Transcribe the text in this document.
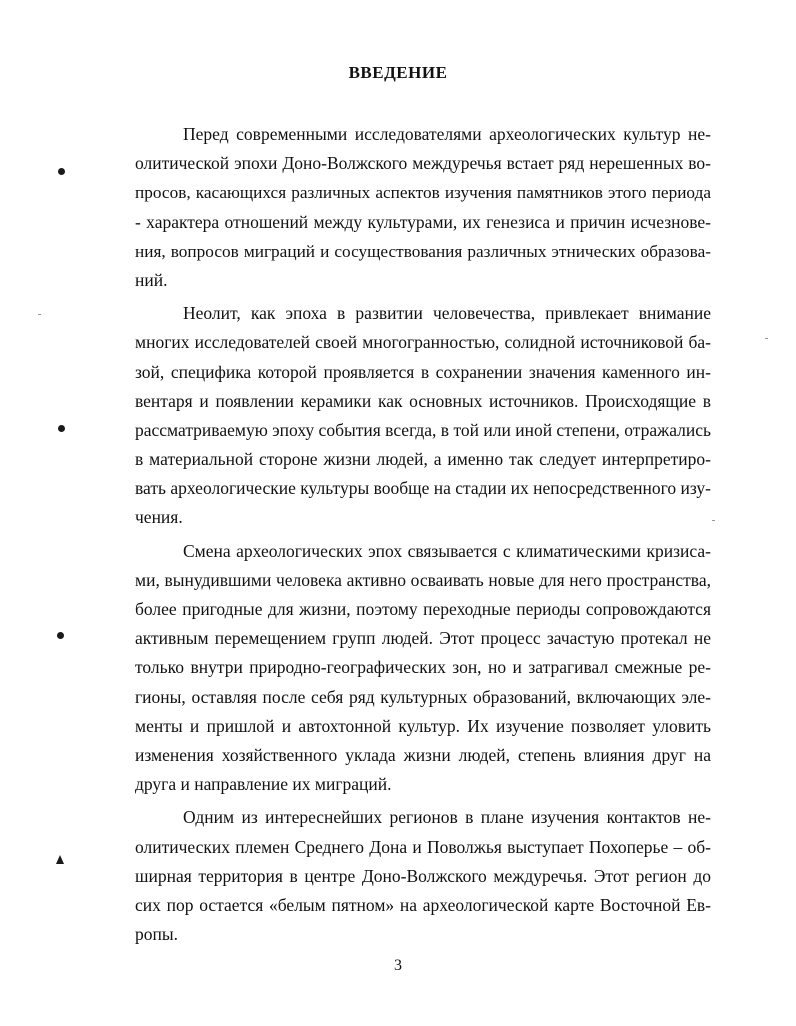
ВВЕДЕНИЕ
Перед современными исследователями археологических культур не-
олитической эпохи Доно-Волжского междуречья встает ряд нерешенных во-
просов, касающихся различных аспектов изучения памятников этого периода
- характера отношений между культурами, их генезиса и причин исчезнове-
ния, вопросов миграций и сосуществования различных этнических образова-
ний.
Неолит, как эпоха в развитии человечества, привлекает внимание
многих исследователей своей многогранностью, солидной источниковой ба-
зой, специфика которой проявляется в сохранении значения каменного ин-
вентаря и появлении керамики как основных источников. Происходящие в
рассматриваемую эпоху события всегда, в той или иной степени, отражались
в материальной стороне жизни людей, а именно так следует интерпретиро-
вать археологические культуры вообще на стадии их непосредственного изу-
чения.
Смена археологических эпох связывается с климатическими кризиса-
ми, вынудившими человека активно осваивать новые для него пространства,
более пригодные для жизни, поэтому переходные периоды сопровождаются
активным перемещением групп людей. Этот процесс зачастую протекал не
только внутри природно-географических зон, но и затрагивал смежные ре-
гионы, оставляя после себя ряд культурных образований, включающих эле-
менты и пришлой и автохтонной культур. Их изучение позволяет уловить
изменения хозяйственного уклада жизни людей, степень влияния друг на
друга и направление их миграций.
Одним из интереснейших регионов в плане изучения контактов не-
олитических племен Среднего Дона и Поволжья выступает Похоперье – об-
ширная территория в центре Доно-Волжского междуречья. Этот регион до
сих пор остается «белым пятном» на археологической карте Восточной Ев-
ропы.
3
